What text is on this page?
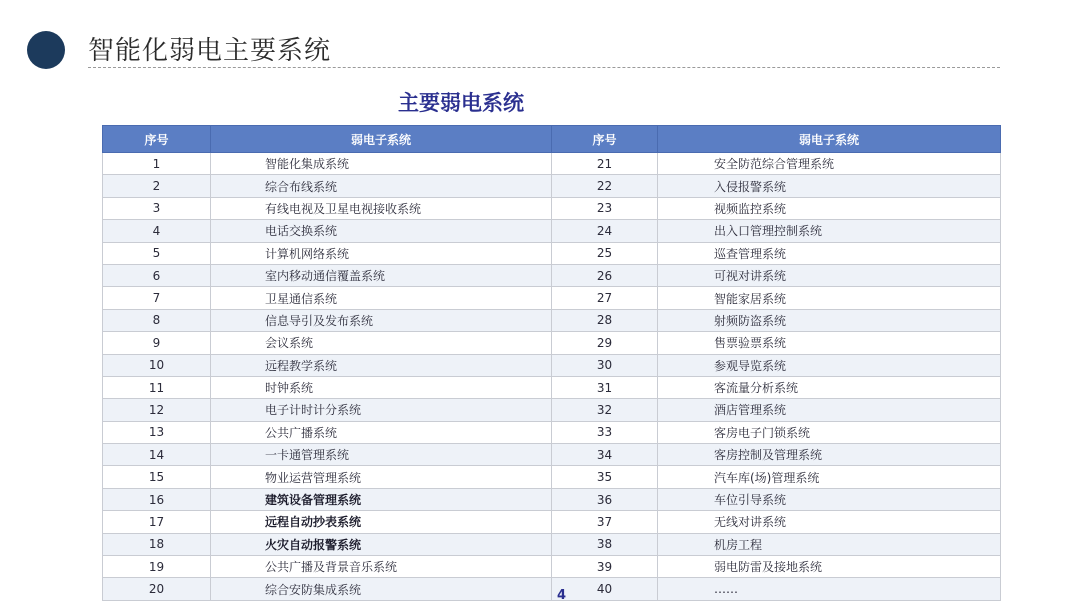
智能化弱电主要系统
主要弱电系统
序号	弱电子系统	序号	弱电子系统
1	智能化集成系统	21	安全防范综合管理系统
2	综合布线系统	22	入侵报警系统
3	有线电视及卫星电视接收系统	23	视频监控系统
4	电话交换系统	24	出入口管理控制系统
5	计算机网络系统	25	巡查管理系统
6	室内移动通信覆盖系统	26	可视对讲系统
7	卫星通信系统	27	智能家居系统
8	信息导引及发布系统	28	射频防盗系统
9	会议系统	29	售票验票系统
10	远程教学系统	30	参观导览系统
11	时钟系统	31	客流量分析系统
12	电子计时计分系统	32	酒店管理系统
13	公共广播系统	33	客房电子门锁系统
14	一卡通管理系统	34	客房控制及管理系统
15	物业运营管理系统	35	汽车库(场)管理系统
16	建筑设备管理系统	36	车位引导系统
17	远程自动抄表系统	37	无线对讲系统
18	火灾自动报警系统	38	机房工程
19	公共广播及背景音乐系统	39	弱电防雷及接地系统
20	综合安防集成系统	40	……
4
